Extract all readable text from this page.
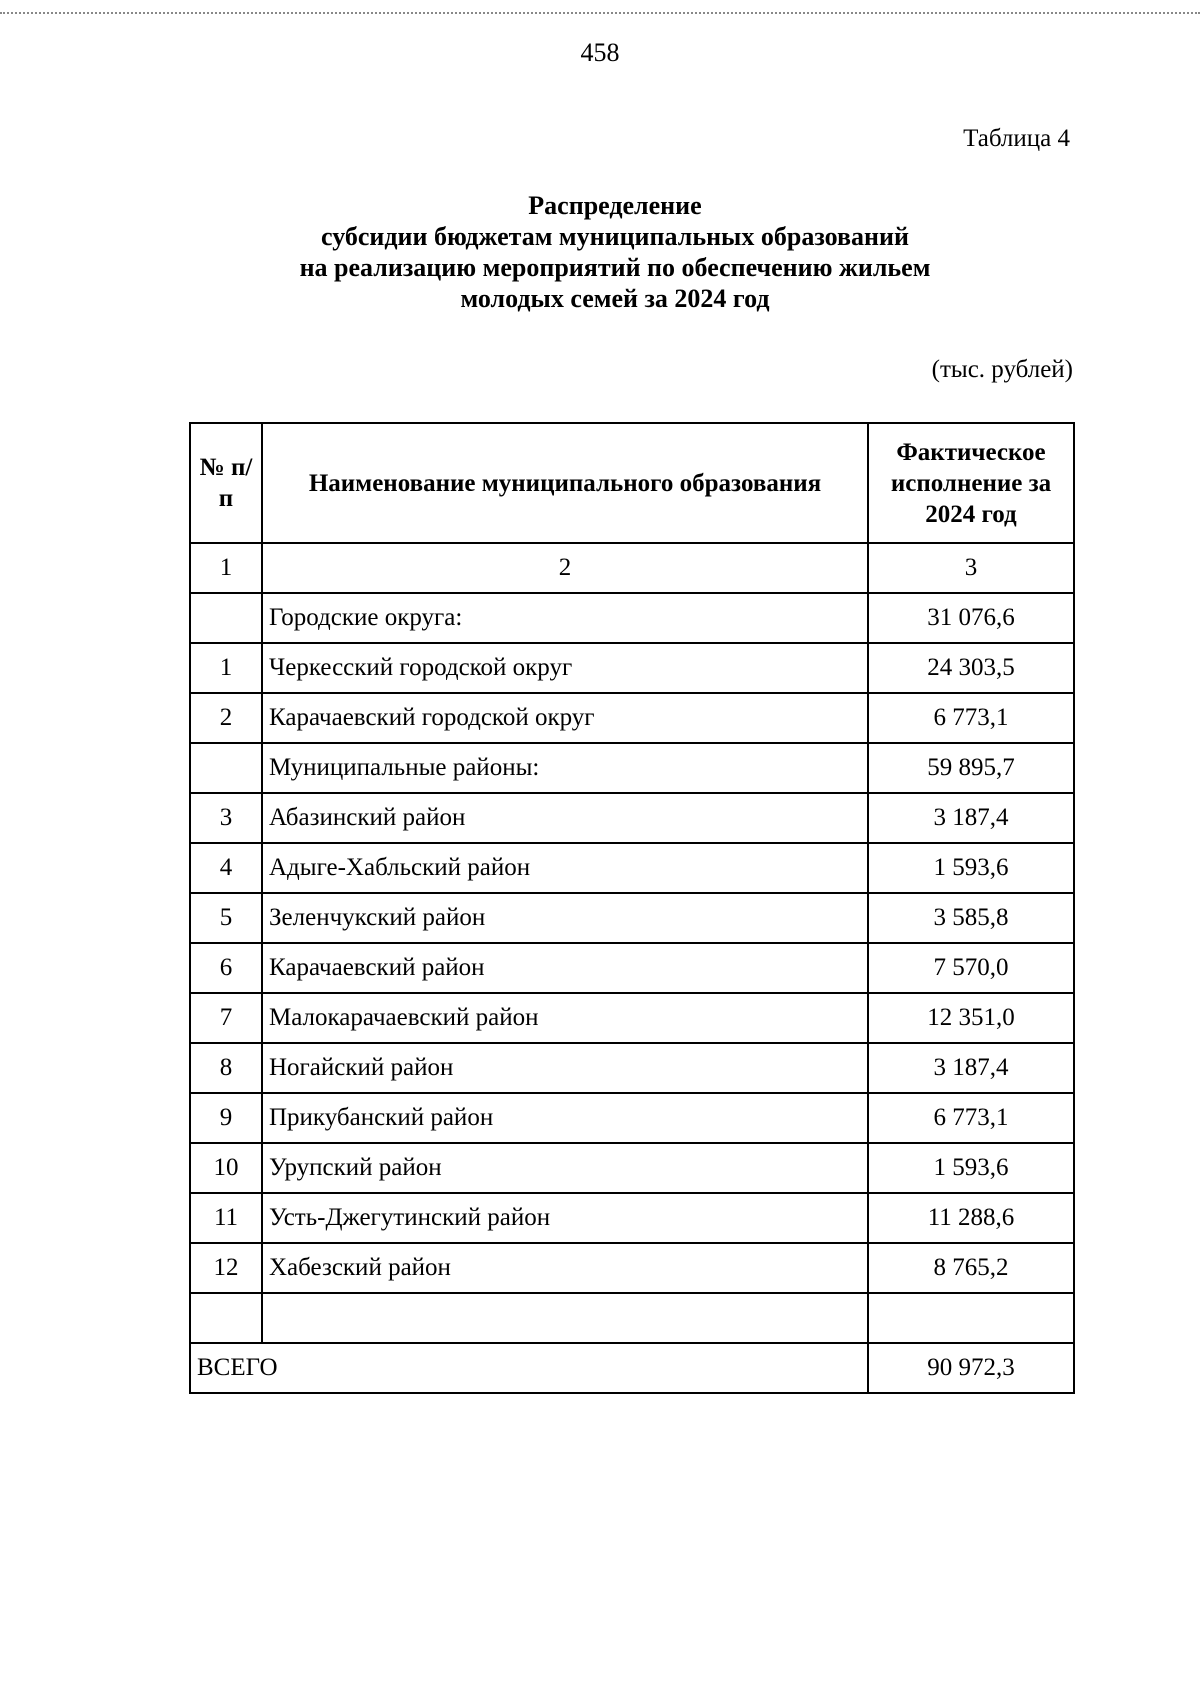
458
Таблица 4
Распределение
субсидии бюджетам муниципальных образований
на реализацию мероприятий по обеспечению жильем
молодых семей за 2024 год
(тыс. рублей)
№ п/п	Наименование муниципального образования	Фактическое исполнение за 2024 год
1	2	3
	Городские округа:	31 076,6
1	Черкесский городской округ	24 303,5
2	Карачаевский городской округ	6 773,1
	Муниципальные районы:	59 895,7
3	Абазинский район	3 187,4
4	Адыге-Хабльский район	1 593,6
5	Зеленчукский район	3 585,8
6	Карачаевский район	7 570,0
7	Малокарачаевский район	12 351,0
8	Ногайский район	3 187,4
9	Прикубанский район	6 773,1
10	Урупский район	1 593,6
11	Усть-Джегутинский район	11 288,6
12	Хабезский район	8 765,2

ВСЕГО		90 972,3
